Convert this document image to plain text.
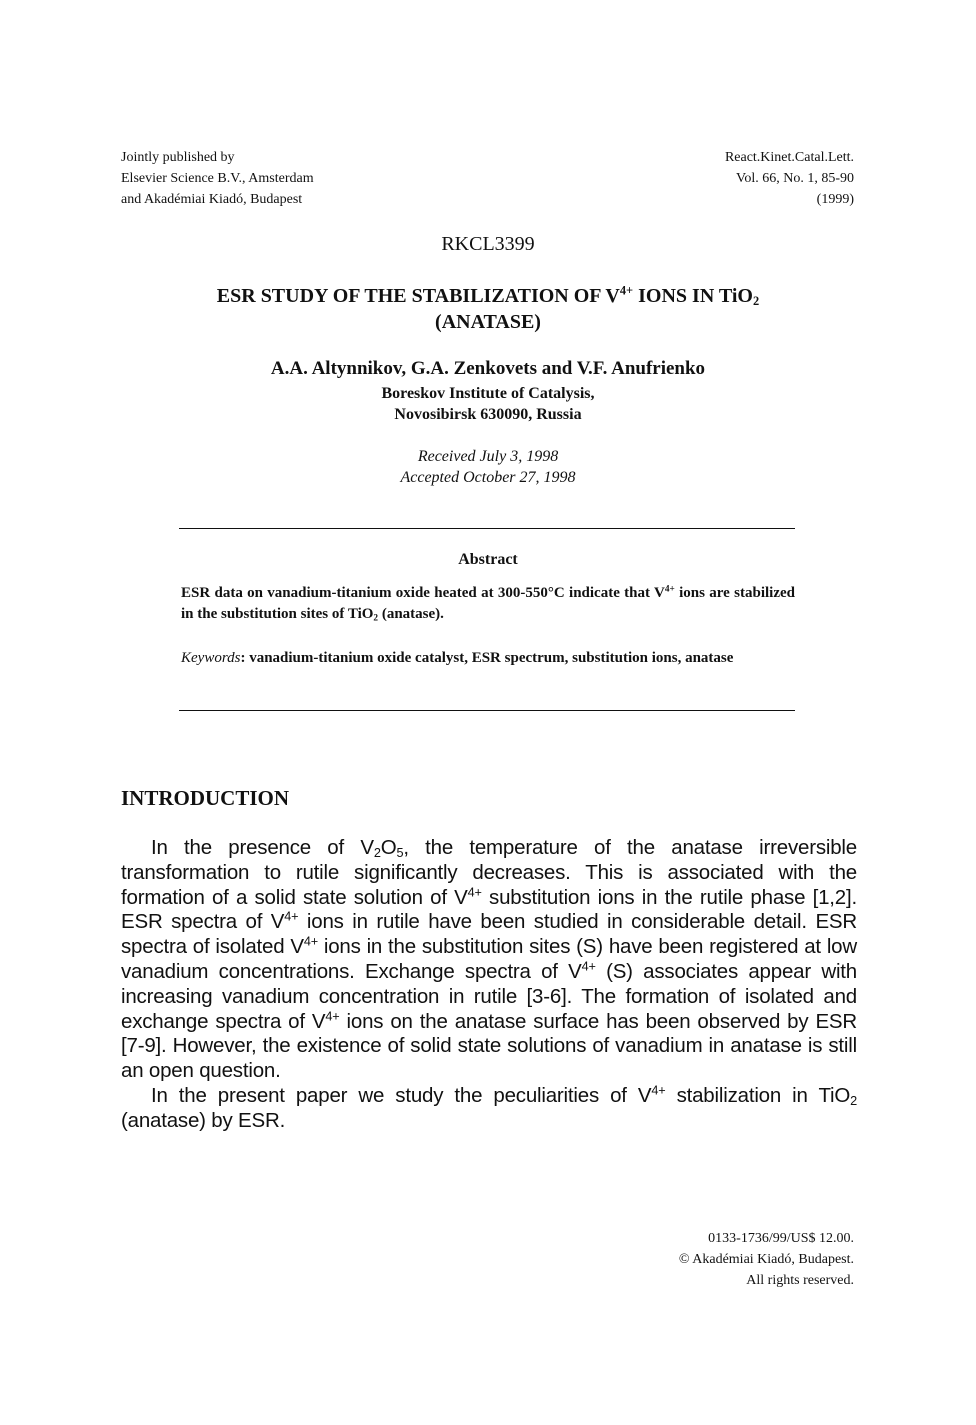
Jointly published by
Elsevier Science B.V., Amsterdam
and Akadémiai Kiadó, Budapest
React.Kinet.Catal.Lett.
Vol. 66, No. 1, 85-90
(1999)
RKCL3399
ESR STUDY OF THE STABILIZATION OF $V^{4+}$ IONS IN TiO$_2$
(ANATASE)
A.A. Altynnikov, G.A. Zenkovets and V.F. Anufrienko
Boreskov Institute of Catalysis,
Novosibirsk 630090, Russia
Received July 3, 1998
Accepted October 27, 1998
Abstract
ESR data on vanadium-titanium oxide heated at 300-550°C indicate that $V^{4+}$ ions are stabilized in the substitution sites of TiO$_2$ (anatase).
Keywords: vanadium-titanium oxide catalyst, ESR spectrum, substitution ions, anatase
INTRODUCTION

In the presence of $V_2O_5$, the temperature of the anatase irreversible transformation to rutile significantly decreases. This is associated with the formation of a solid state solution of $V^{4+}$ substitution ions in the rutile phase [1,2]. ESR spectra of $V^{4+}$ ions in rutile have been studied in considerable detail. ESR spectra of isolated $V^{4+}$ ions in the substitution sites (S) have been registered at low vanadium concentrations. Exchange spectra of $V^{4+}$ (S) associates appear with increasing vanadium concentration in rutile [3-6]. The formation of isolated and exchange spectra of $V^{4+}$ ions on the anatase surface has been observed by ESR [7-9]. However, the existence of solid state solutions of vanadium in anatase is still an open question.

In the present paper we study the peculiarities of $V^{4+}$ stabilization in TiO$_2$ (anatase) by ESR.

0133-1736/99/US$ 12.00.
© Akadémiai Kiadó, Budapest.
All rights reserved.
